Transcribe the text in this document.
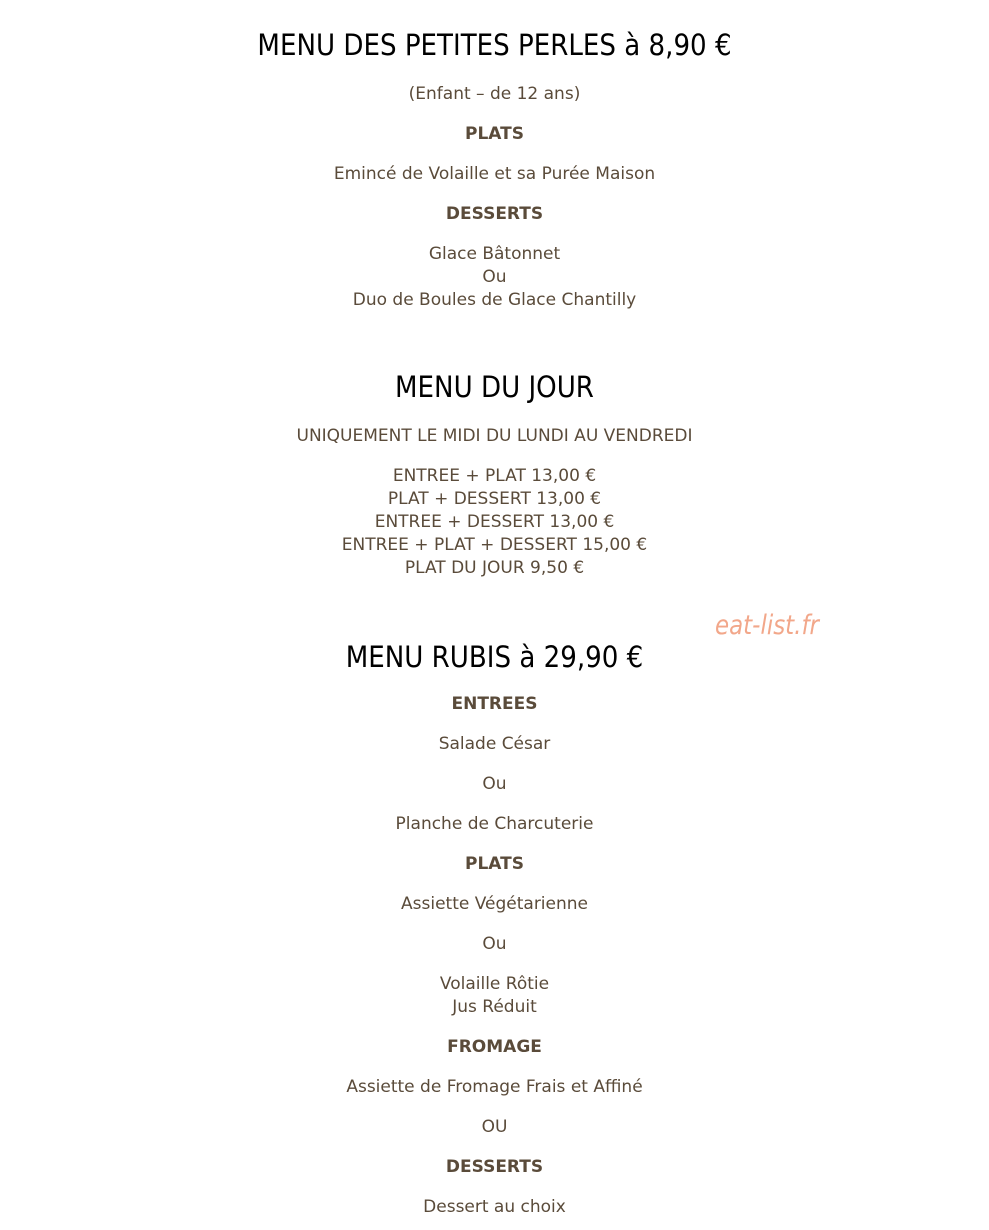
MENU DES PETITES PERLES à 8,90 €

(Enfant – de 12 ans)

PLATS

Emincé de Volaille et sa Purée Maison

DESSERTS

Glace Bâtonnet

Ou

Duo de Boules de Glace Chantilly

MENU DU JOUR

UNIQUEMENT LE MIDI DU LUNDI AU VENDREDI

ENTREE + PLAT 13,00 €

PLAT + DESSERT 13,00 €

ENTREE + DESSERT 13,00 €

ENTREE + PLAT + DESSERT 15,00 €

PLAT DU JOUR 9,50 €

eat-list.fr
MENU RUBIS à 29,90 €

ENTREES

Salade César

Ou

Planche de Charcuterie

PLATS

Assiette Végétarienne

Ou

Volaille Rôtie

Jus Réduit

FROMAGE

Assiette de Fromage Frais et Affiné

OU

DESSERTS

Dessert au choix
